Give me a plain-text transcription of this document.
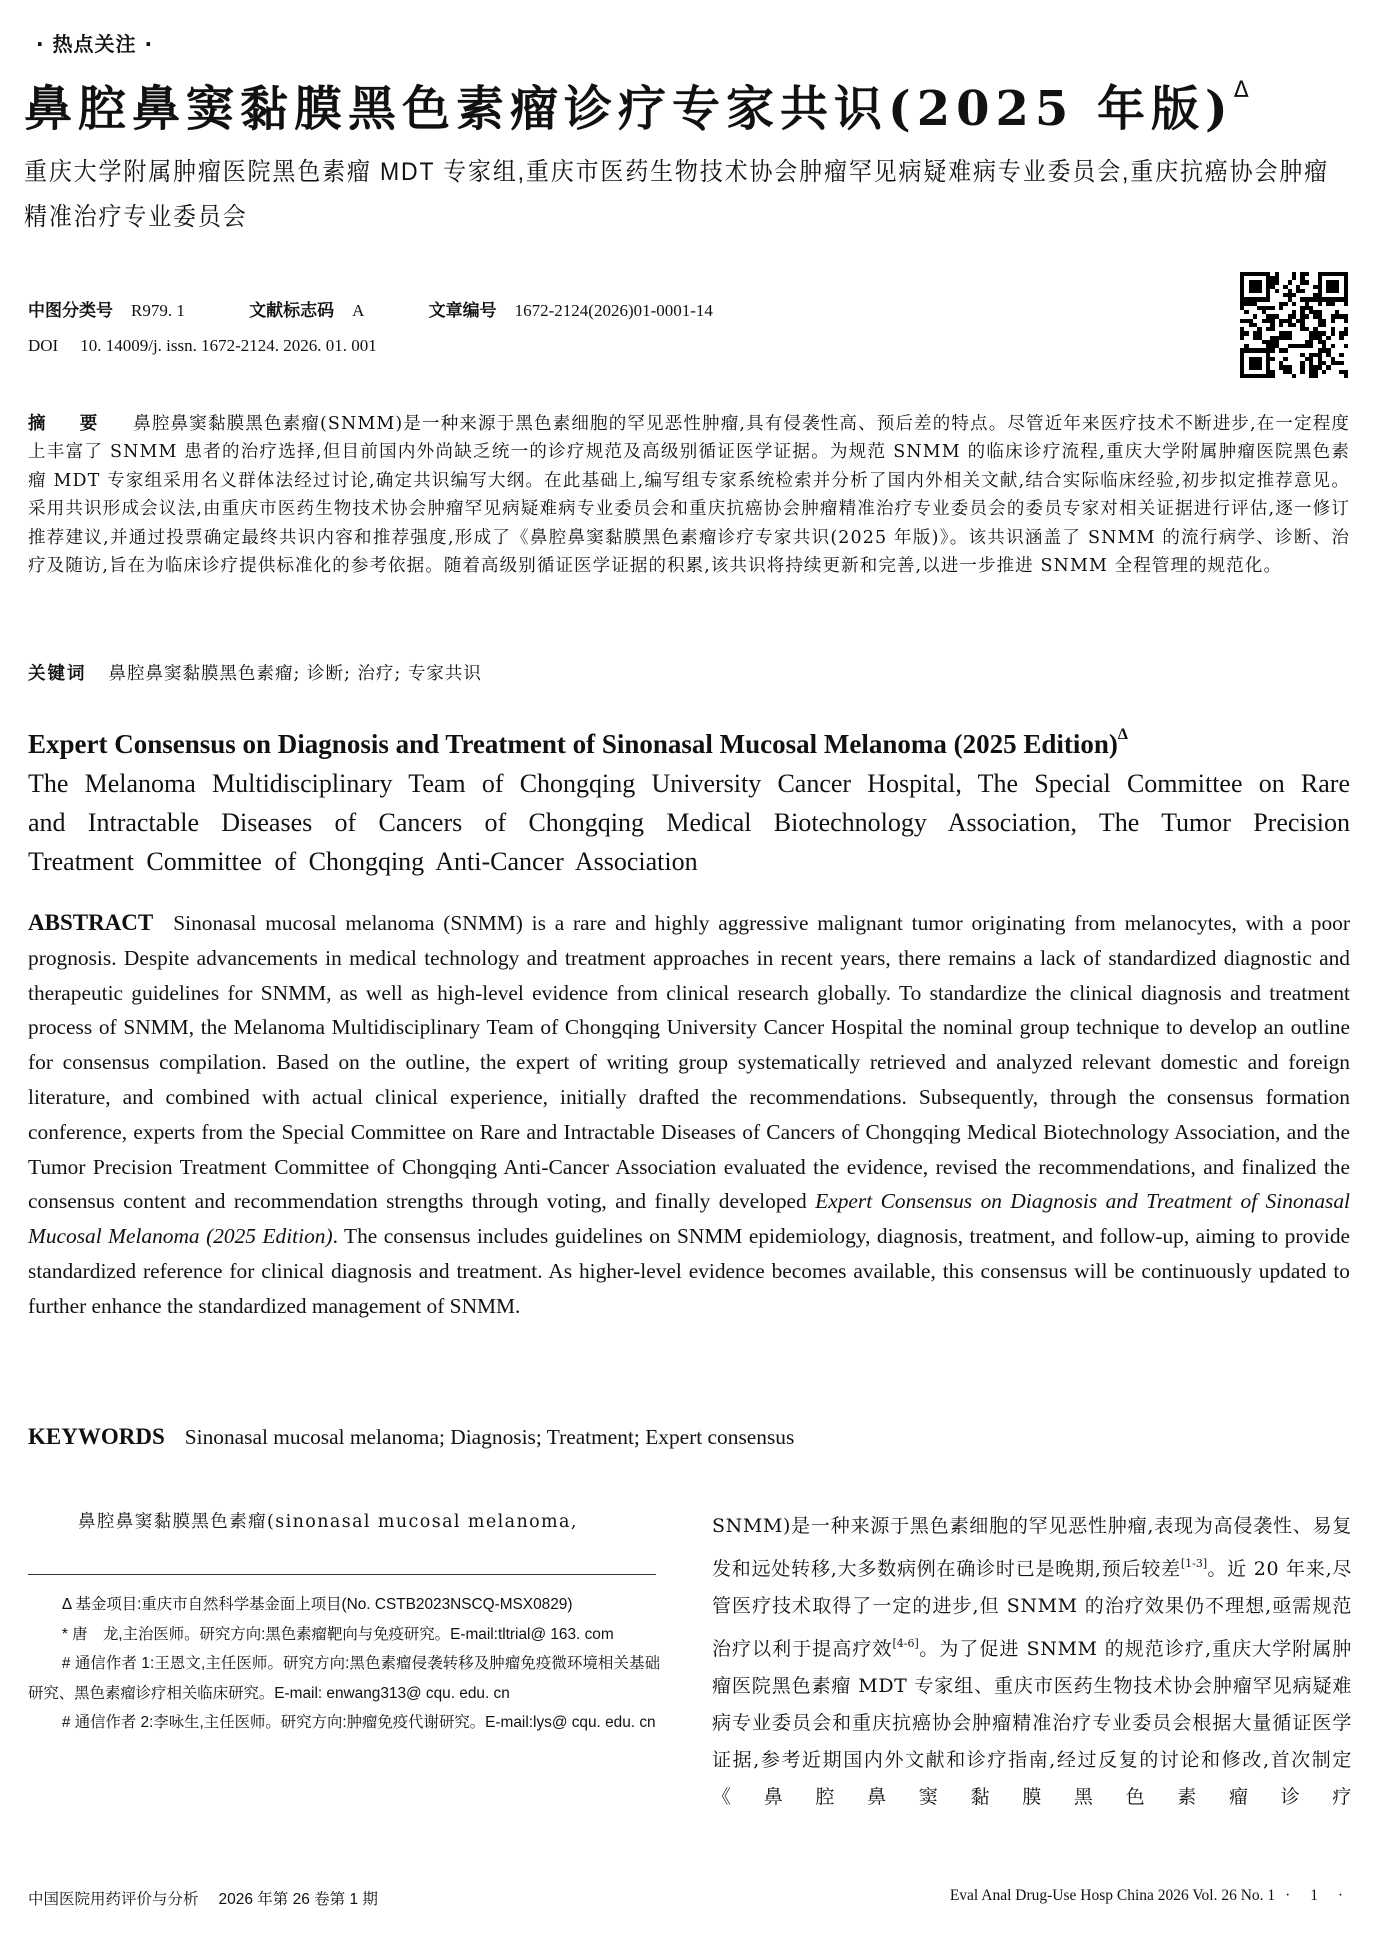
· 热点关注 ·
鼻腔鼻窦黏膜黑色素瘤诊疗专家共识(2025 年版)$^\Delta$
重庆大学附属肿瘤医院黑色素瘤 MDT 专家组,重庆市医药生物技术协会肿瘤罕见病疑难病专业委员会,重庆抗癌协会肿瘤精准治疗专业委员会
中图分类号 R979. 1	文献标志码 A	文章编号 1672-2124(2026)01-0001-14
DOI 10. 14009/j. issn. 1672-2124. 2026. 01. 001
摘 要 鼻腔鼻窦黏膜黑色素瘤(SNMM)是一种来源于黑色素细胞的罕见恶性肿瘤,具有侵袭性高、预后差的特点。尽管近年来医疗技术不断进步,在一定程度上丰富了 SNMM 患者的治疗选择,但目前国内外尚缺乏统一的诊疗规范及高级别循证医学证据。为规范 SNMM 的临床诊疗流程,重庆大学附属肿瘤医院黑色素瘤 MDT 专家组采用名义群体法经过讨论,确定共识编写大纲。在此基础上,编写组专家系统检索并分析了国内外相关文献,结合实际临床经验,初步拟定推荐意见。采用共识形成会议法,由重庆市医药生物技术协会肿瘤罕见病疑难病专业委员会和重庆抗癌协会肿瘤精准治疗专业委员会的委员专家对相关证据进行评估,逐一修订推荐建议,并通过投票确定最终共识内容和推荐强度,形成了《鼻腔鼻窦黏膜黑色素瘤诊疗专家共识(2025 年版)》。该共识涵盖了 SNMM 的流行病学、诊断、治疗及随访,旨在为临床诊疗提供标准化的参考依据。随着高级别循证医学证据的积累,该共识将持续更新和完善,以进一步推进 SNMM 全程管理的规范化。
关键词 鼻腔鼻窦黏膜黑色素瘤; 诊断; 治疗; 专家共识
Expert Consensus on Diagnosis and Treatment of Sinonasal Mucosal Melanoma (2025 Edition)$^\Delta$
The Melanoma Multidisciplinary Team of Chongqing University Cancer Hospital, The Special Committee on Rare and Intractable Diseases of Cancers of Chongqing Medical Biotechnology Association, The Tumor Precision Treatment Committee of Chongqing Anti-Cancer Association
ABSTRACT Sinonasal mucosal melanoma (SNMM) is a rare and highly aggressive malignant tumor originating from melanocytes, with a poor prognosis. Despite advancements in medical technology and treatment approaches in recent years, there remains a lack of standardized diagnostic and therapeutic guidelines for SNMM, as well as high-level evidence from clinical research globally. To standardize the clinical diagnosis and treatment process of SNMM, the Melanoma Multidisciplinary Team of Chongqing University Cancer Hospital the nominal group technique to develop an outline for consensus compilation. Based on the outline, the expert of writing group systematically retrieved and analyzed relevant domestic and foreign literature, and combined with actual clinical experience, initially drafted the recommendations. Subsequently, through the consensus formation conference, experts from the Special Committee on Rare and Intractable Diseases of Cancers of Chongqing Medical Biotechnology Association, and the Tumor Precision Treatment Committee of Chongqing Anti-Cancer Association evaluated the evidence, revised the recommendations, and finalized the consensus content and recommendation strengths through voting, and finally developed Expert Consensus on Diagnosis and Treatment of Sinonasal Mucosal Melanoma (2025 Edition). The consensus includes guidelines on SNMM epidemiology, diagnosis, treatment, and follow-up, aiming to provide standardized reference for clinical diagnosis and treatment. As higher-level evidence becomes available, this consensus will be continuously updated to further enhance the standardized management of SNMM.
KEYWORDS Sinonasal mucosal melanoma; Diagnosis; Treatment; Expert consensus
鼻腔鼻窦黏膜黑色素瘤(sinonasal mucosal melanoma,
Δ 基金项目:重庆市自然科学基金面上项目(No. CSTB2023NSCQ-MSX0829)
* 唐　龙,主治医师。研究方向:黑色素瘤靶向与免疫研究。E-mail:tltrial@ 163. com
# 通信作者 1:王恩文,主任医师。研究方向:黑色素瘤侵袭转移及肿瘤免疫微环境相关基础研究、黑色素瘤诊疗相关临床研究。E-mail: enwang313@ cqu. edu. cn
# 通信作者 2:李咏生,主任医师。研究方向:肿瘤免疫代谢研究。E-mail:lys@ cqu. edu. cn
SNMM)是一种来源于黑色素细胞的罕见恶性肿瘤,表现为高侵袭性、易复发和远处转移,大多数病例在确诊时已是晚期,预后较差[1-3]。近 20 年来,尽管医疗技术取得了一定的进步,但 SNMM 的治疗效果仍不理想,亟需规范治疗以利于提高疗效[4-6]。为了促进 SNMM 的规范诊疗,重庆大学附属肿瘤医院黑色素瘤 MDT 专家组、重庆市医药生物技术协会肿瘤罕见病疑难病专业委员会和重庆抗癌协会肿瘤精准治疗专业委员会根据大量循证医学证据,参考近期国内外文献和诊疗指南,经过反复的讨论和修改,首次制定《鼻腔鼻窦黏膜黑色素瘤诊疗
中国医院用药评价与分析 2026 年第 26 卷第 1 期	Eval Anal Drug-Use Hosp China 2026 Vol. 26 No. 1 · 1 ·
